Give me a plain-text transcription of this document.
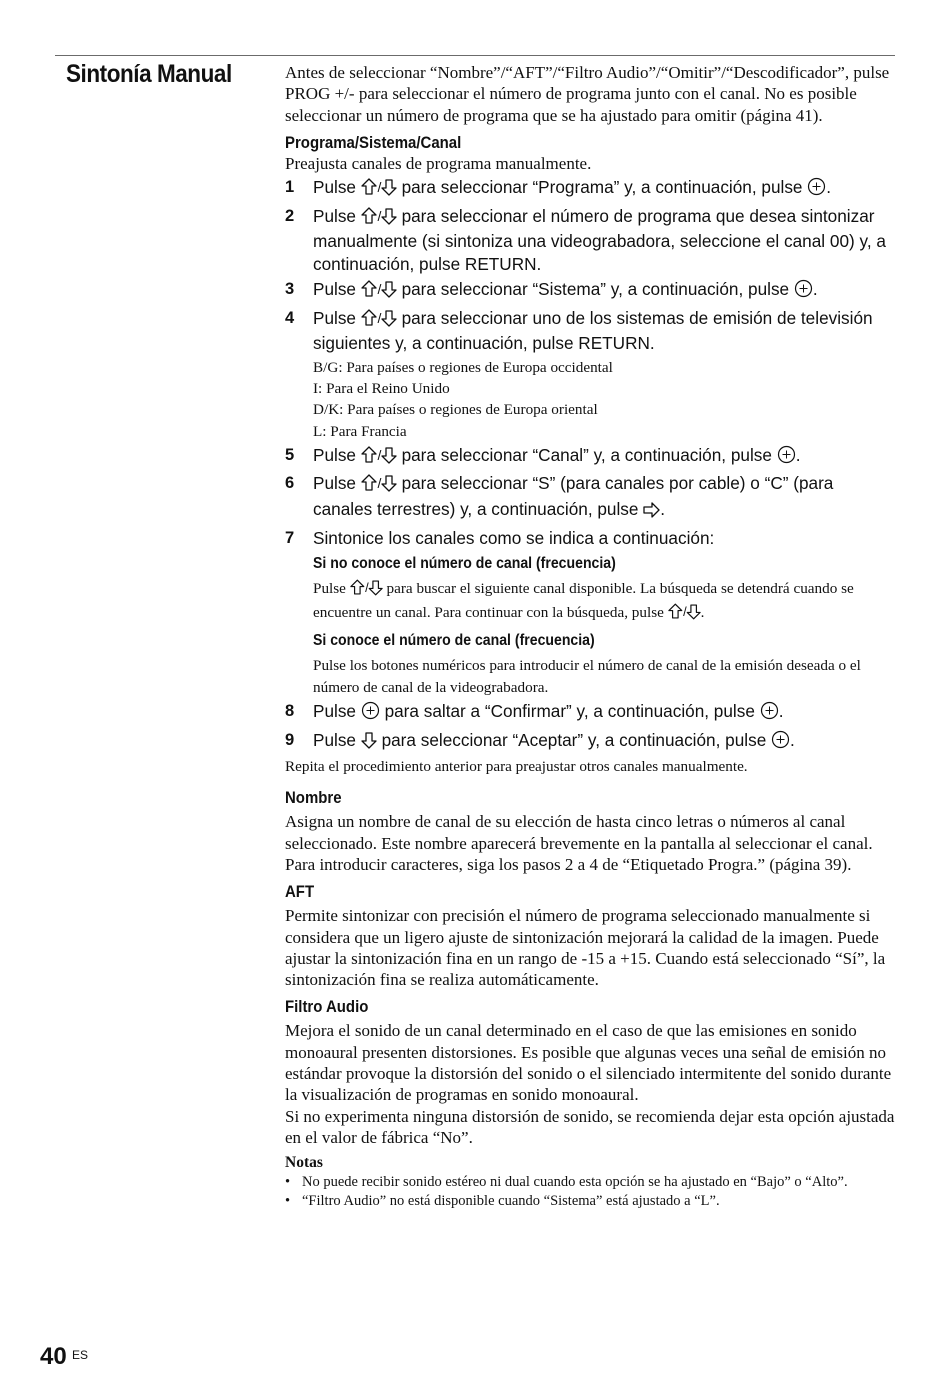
Sintonía Manual	Antes de seleccionar “Nombre”/“AFT”/“Filtro Audio”/“Omitir”/“Descodificador”, pulse PROG +/- para seleccionar el número de programa junto con el canal. No es posible seleccionar un número de programa que se ha ajustado para omitir (página 41).

Programa/Sistema/Canal

Preajusta canales de programa manualmente.

1 Pulse / para seleccionar “Programa” y, a continuación, pulse .
2 Pulse / para seleccionar el número de programa que desea sintonizar manualmente (si sintoniza una videograbadora, seleccione el canal 00) y, a continuación, pulse RETURN.
3 Pulse / para seleccionar “Sistema” y, a continuación, pulse .
4 Pulse / para seleccionar uno de los sistemas de emisión de televisión siguientes y, a continuación, pulse RETURN.

B/G: Para países o regiones de Europa occidental

I: Para el Reino Unido

D/K: Para países o regiones de Europa oriental

L: Para Francia

5 Pulse / para seleccionar “Canal” y, a continuación, pulse .
6 Pulse / para seleccionar “S” (para canales por cable) o “C” (para canales terrestres) y, a continuación, pulse .
7 Sintonice los canales como se indica a continuación:
Si no conoce el número de canal (frecuencia)

Pulse / para buscar el siguiente canal disponible. La búsqueda se detendrá cuando se encuentre un canal. Para continuar con la búsqueda, pulse / .

Si conoce el número de canal (frecuencia)

Pulse los botones numéricos para introducir el número de canal de la emisión deseada o el número de canal de la videograbadora.

8 Pulse para saltar a “Confirmar” y, a continuación, pulse .
9 Pulse para seleccionar “Aceptar” y, a continuación, pulse .

Repita el procedimiento anterior para preajustar otros canales manualmente.

Nombre

Asigna un nombre de canal de su elección de hasta cinco letras o números al canal seleccionado. Este nombre aparecerá brevemente en la pantalla al seleccionar el canal.

Para introducir caracteres, siga los pasos 2 a 4 de “Etiquetado Progra.” (página 39).

AFT

Permite sintonizar con precisión el número de programa seleccionado manualmente si considera que un ligero ajuste de sintonización mejorará la calidad de la imagen. Puede ajustar la sintonización fina en un rango de -15 a +15. Cuando está seleccionado “Sí”, la sintonización fina se realiza automáticamente.

Filtro Audio

Mejora el sonido de un canal determinado en el caso de que las emisiones en sonido monoaural presenten distorsiones. Es posible que algunas veces una señal de emisión no estándar provoque la distorsión del sonido o el silenciado intermitente del sonido durante la visualización de programas en sonido monoaural.

Si no experimenta ninguna distorsión de sonido, se recomienda dejar esta opción ajustada en el valor de fábrica “No”.

Notas

• No puede recibir sonido estéreo ni dual cuando esta opción se ha ajustado en “Bajo” o “Alto”.

• “Filtro Audio” no está disponible cuando “Sistema” está ajustado a “L”.

40 ES
